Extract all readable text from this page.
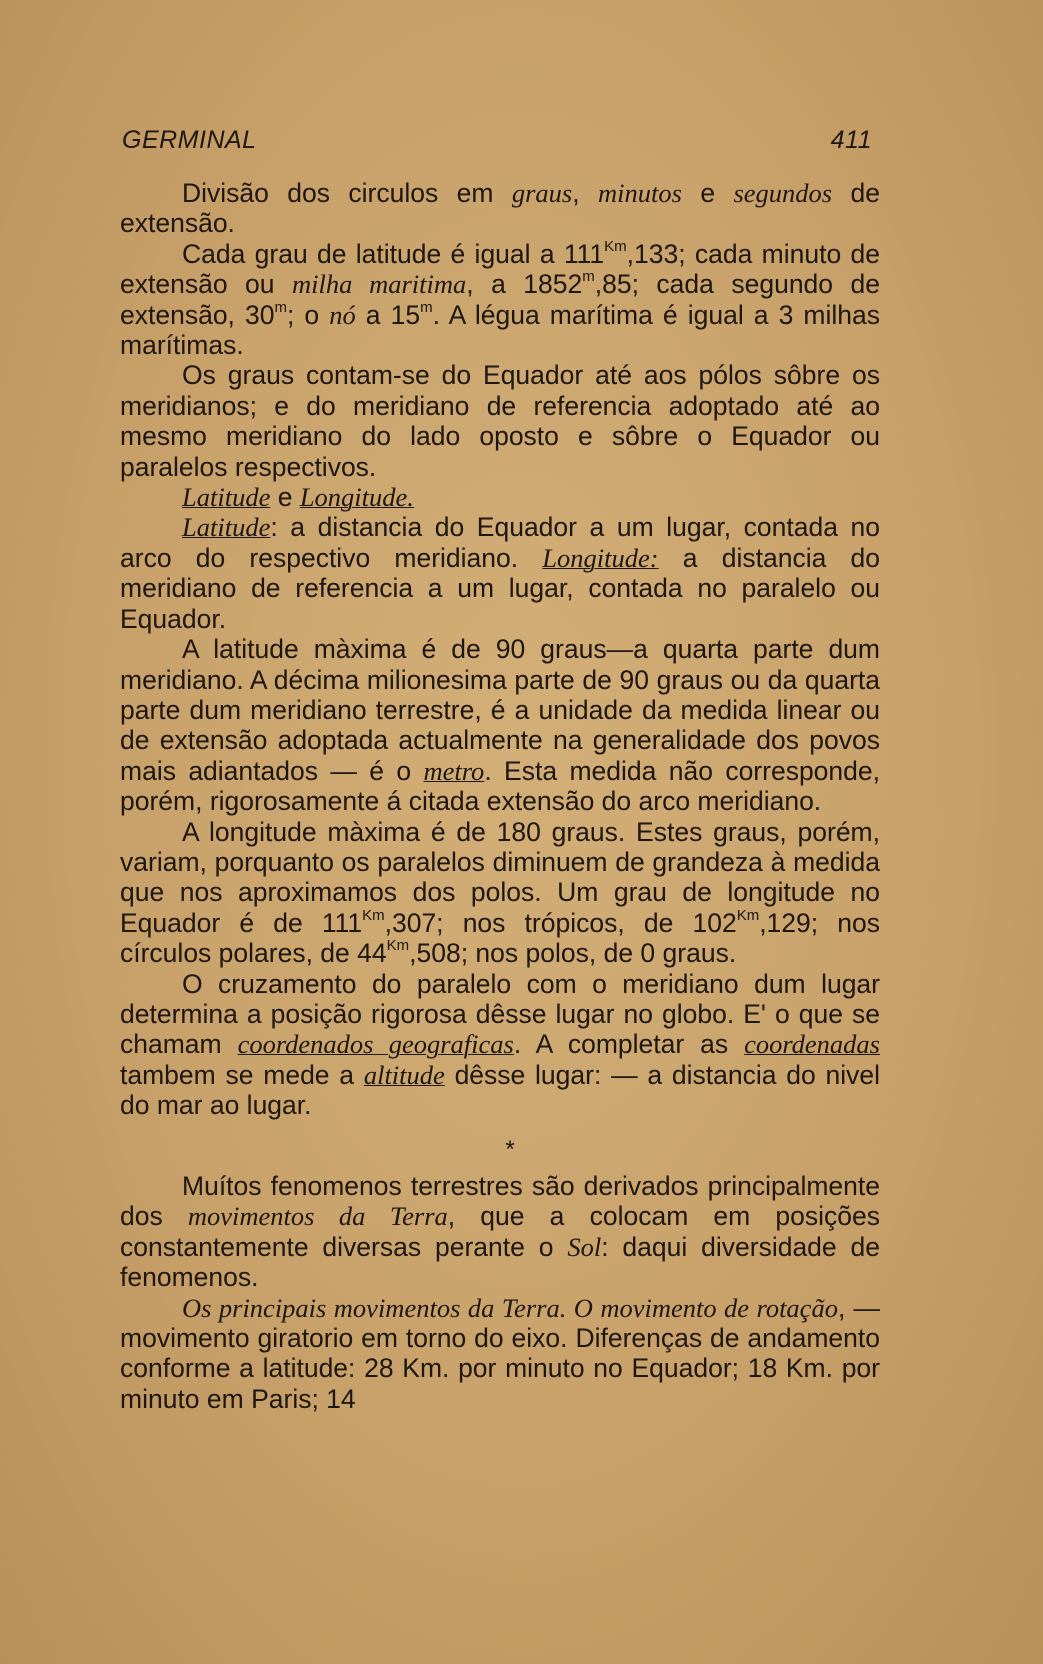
GERMINAL	411

Divisão dos circulos em graus, minutos e segundos de extensão.

Cada grau de latitude é igual a $111^{Km},133$; cada minuto de extensão ou milha maritima, a 1852$^m$,85; cada segundo de extensão, 30$^m$; o nó a 15$^m$. A légua marítima é igual a 3 milhas marítimas.

Os graus contam-se do Equador até aos pólos sôbre os meridianos; e do meridiano de referencia adoptado até ao mesmo meridiano do lado oposto e sôbre o Equador ou paralelos respectivos.

Latitude e Longitude.

Latitude: a distancia do Equador a um lugar, contada no arco do respectivo meridiano. Longitude: a distancia do meridiano de referencia a um lugar, contada no paralelo ou Equador.

A latitude màxima é de 90 graus—a quarta parte dum meridiano. A décima milionesima parte de 90 graus ou da quarta parte dum meridiano terrestre, é a unidade da medida linear ou de extensão adoptada actualmente na generalidade dos povos mais adiantados — é o metro. Esta medida não corresponde, porém, rigorosamente á citada extensão do arco meridiano.

A longitude màxima é de 180 graus. Estes graus, porém, variam, porquanto os paralelos diminuem de grandeza à medida que nos aproximamos dos polos. Um grau de longitude no Equador é de $111^{Km},307$; nos trópicos, de $102^{Km},129$; nos círculos polares, de $44^{Km},508$; nos polos, de 0 graus.

O cruzamento do paralelo com o meridiano dum lugar determina a posição rigorosa dêsse lugar no globo. E' o que se chamam coordenados geograficas. A completar as coordenadas tambem se mede a altitude dêsse lugar: — a distancia do nivel do mar ao lugar.

*

Muítos fenomenos terrestres são derivados principalmente dos movimentos da Terra, que a colocam em posições constantemente diversas perante o Sol: daqui diversidade de fenomenos.

Os principais movimentos da Terra. O movimento de rotação, — movimento giratorio em torno do eixo. Diferenças de andamento conforme a latitude: 28 Km. por minuto no Equador; 18 Km. por minuto em Paris; 14
